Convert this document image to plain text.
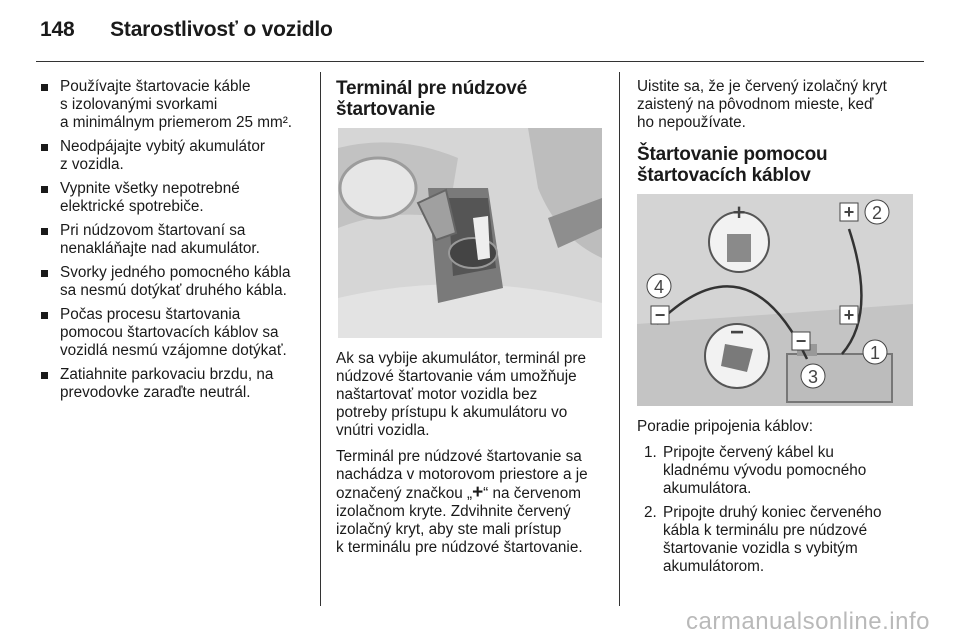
148 Starostlivosť o vozidlo
Používajte štartovacie káble
s izolovanými svorkami
a minimálnym priemerom 25 mm².
Neodpájajte vybitý akumulátor
z vozidla.
Vypnite všetky nepotrebné
elektrické spotrebiče.
Pri núdzovom štartovaní sa
nenakláňajte nad akumulátor.
Svorky jedného pomocného kábla
sa nesmú dotýkať druhého kábla.
Počas procesu štartovania
pomocou štartovacích káblov sa
vozidlá nesmú vzájomne dotýkať.
Zatiahnite parkovaciu brzdu, na
prevodovke zaraďte neutrál.
Terminál pre núdzové
štartovanie

Ak sa vybije akumulátor, terminál pre
núdzové štartovanie vám umožňuje
naštartovať motor vozidla bez
potreby prístupu k akumulátoru vo
vnútri vozidla.

Terminál pre núdzové štartovanie sa
nachádza v motorovom priestore a je
označený značkou „+“ na červenom
izolačnom kryte. Zdvihnite červený
izolačný kryt, aby ste mali prístup
k terminálu pre núdzové štartovanie.

Uistite sa, že je červený izolačný kryt
zaistený na pôvodnom mieste, keď
ho nepoužívate.

Štartovanie pomocou
štartovacích káblov
+
−
+ 2
4
−	+
−
1
3

Poradie pripojenia káblov:

1. Pripojte červený kábel ku
kladnému vývodu pomocného
akumulátora.
2. Pripojte druhý koniec červeného
kábla k terminálu pre núdzové
štartovanie vozidla s vybitým
akumulátorom.
carmanualsonline.info
